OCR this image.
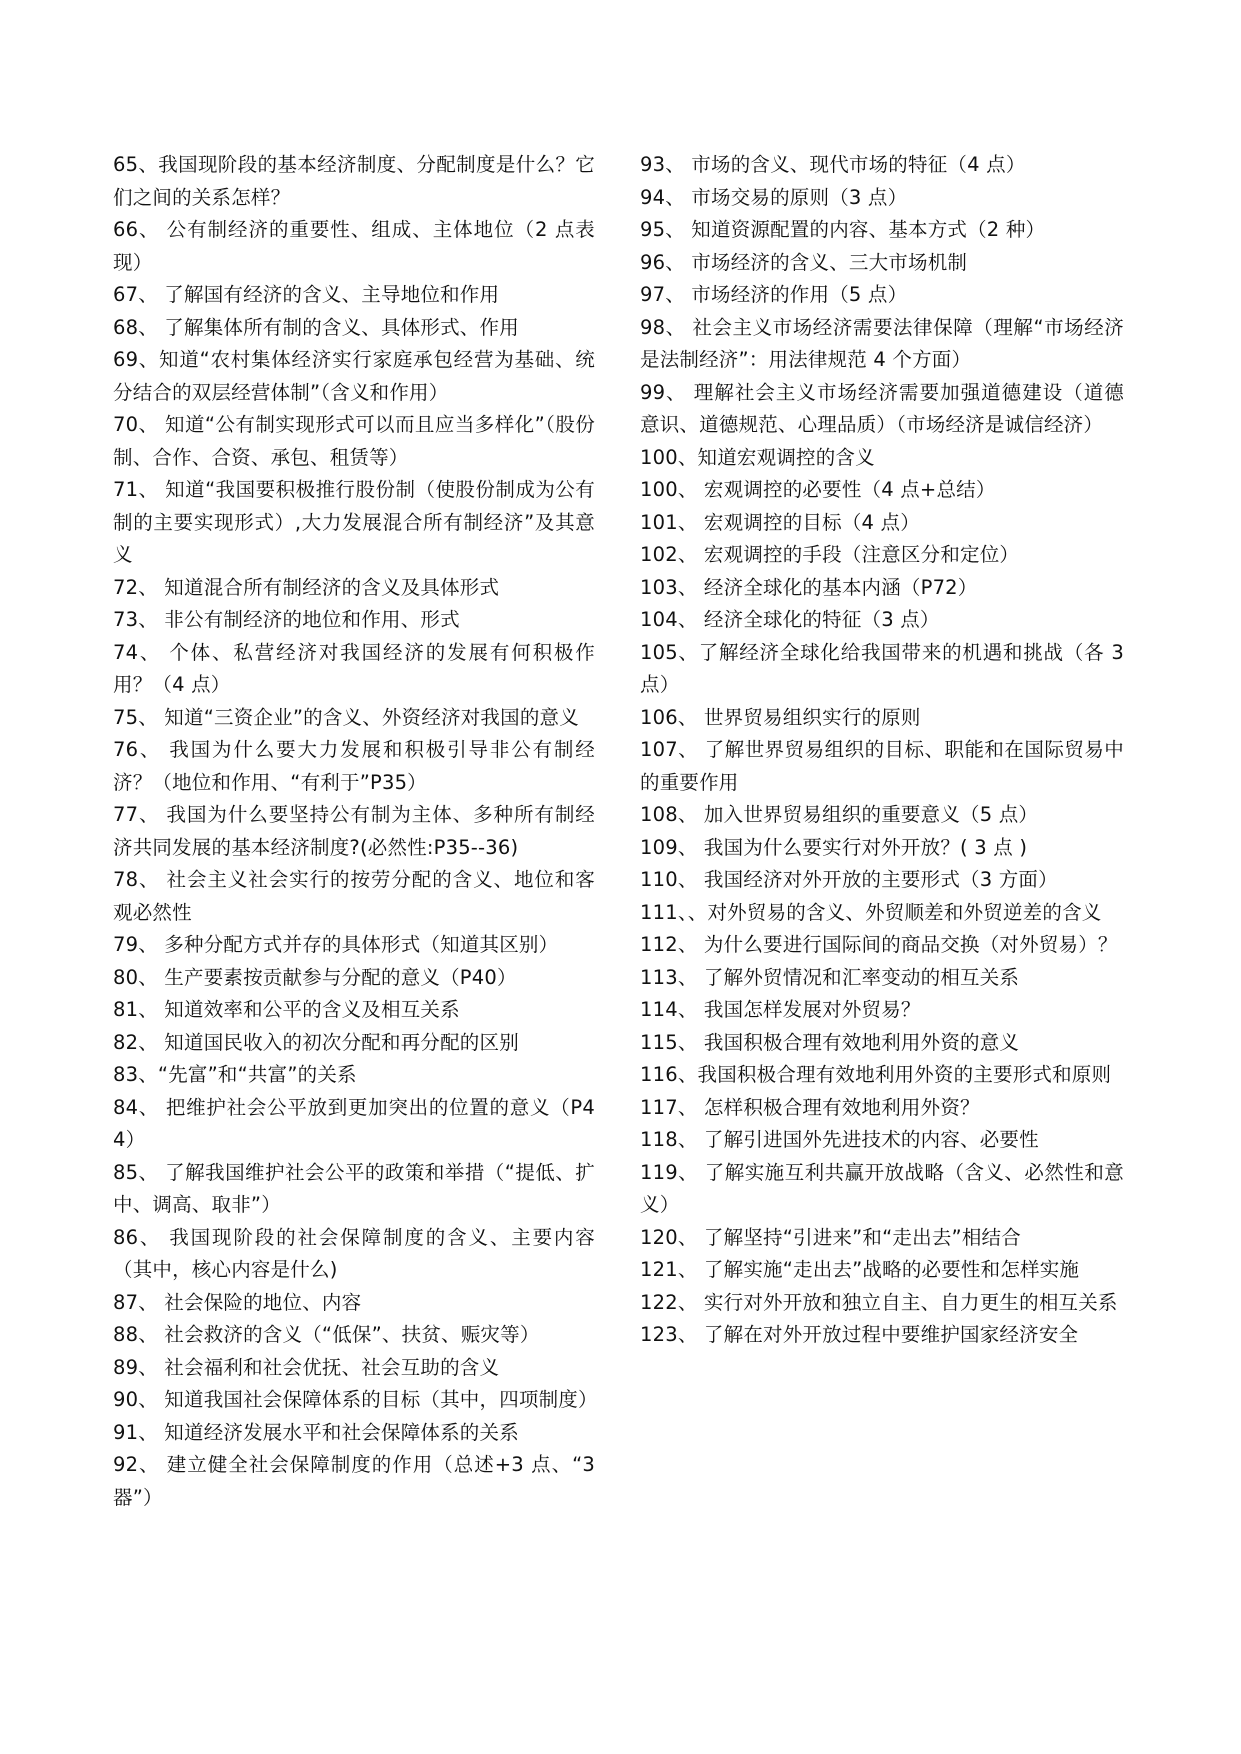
65、我国现阶段的基本经济制度、分配制度是什么？它们之间的关系怎样？
66、 公有制经济的重要性、组成、主体地位（2 点表现）
67、 了解国有经济的含义、主导地位和作用
68、 了解集体所有制的含义、具体形式、作用
69、知道“农村集体经济实行家庭承包经营为基础、统分结合的双层经营体制”（含义和作用）
70、 知道“公有制实现形式可以而且应当多样化”（股份制、合作、合资、承包、租赁等）
71、 知道“我国要积极推行股份制（使股份制成为公有制的主要实现形式）,大力发展混合所有制经济”及其意义
72、 知道混合所有制经济的含义及具体形式
73、 非公有制经济的地位和作用、形式
74、 个体、私营经济对我国经济的发展有何积极作用？（4 点）
75、 知道“三资企业”的含义、外资经济对我国的意义
76、 我国为什么要大力发展和积极引导非公有制经济？（地位和作用、“有利于”P35）
77、 我国为什么要坚持公有制为主体、多种所有制经济共同发展的基本经济制度?(必然性:P35--36)
78、 社会主义社会实行的按劳分配的含义、地位和客观必然性
79、 多种分配方式并存的具体形式（知道其区别）
80、 生产要素按贡献参与分配的意义（P40）
81、 知道效率和公平的含义及相互关系
82、 知道国民收入的初次分配和再分配的区别
83、“先富”和“共富”的关系
84、 把维护社会公平放到更加突出的位置的意义（P44）
85、 了解我国维护社会公平的政策和举措（“提低、扩中、调高、取非”）
86、 我国现阶段的社会保障制度的含义、主要内容（其中，核心内容是什么)
87、 社会保险的地位、内容
88、 社会救济的含义（“低保”、扶贫、赈灾等）
89、 社会福利和社会优抚、社会互助的含义
90、 知道我国社会保障体系的目标（其中，四项制度）
91、 知道经济发展水平和社会保障体系的关系
92、 建立健全社会保障制度的作用（总述+3 点、“3 器”）
93、 市场的含义、现代市场的特征（4 点）
94、 市场交易的原则（3 点）
95、 知道资源配置的内容、基本方式（2 种）
96、 市场经济的含义、三大市场机制
97、 市场经济的作用（5 点）
98、 社会主义市场经济需要法律保障（理解“市场经济是法制经济”：用法律规范 4 个方面）
99、 理解社会主义市场经济需要加强道德建设（道德意识、道德规范、心理品质）（市场经济是诚信经济）
100、知道宏观调控的含义
100、 宏观调控的必要性（4 点+总结）
101、 宏观调控的目标（4 点）
102、 宏观调控的手段（注意区分和定位）
103、 经济全球化的基本内涵（P72）
104、 经济全球化的特征（3 点）
105、了解经济全球化给我国带来的机遇和挑战（各 3 点）
106、 世界贸易组织实行的原则
107、 了解世界贸易组织的目标、职能和在国际贸易中的重要作用
108、 加入世界贸易组织的重要意义（5 点）
109、 我国为什么要实行对外开放？( 3 点 )
110、 我国经济对外开放的主要形式（3 方面）
111、、对外贸易的含义、外贸顺差和外贸逆差的含义
112、 为什么要进行国际间的商品交换（对外贸易）？
113、 了解外贸情况和汇率变动的相互关系
114、 我国怎样发展对外贸易？
115、 我国积极合理有效地利用外资的意义
116、我国积极合理有效地利用外资的主要形式和原则
117、 怎样积极合理有效地利用外资？
118、 了解引进国外先进技术的内容、必要性
119、 了解实施互利共赢开放战略（含义、必然性和意义）
120、 了解坚持“引进来”和“走出去”相结合
121、 了解实施“走出去”战略的必要性和怎样实施
122、 实行对外开放和独立自主、自力更生的相互关系
123、 了解在对外开放过程中要维护国家经济安全
